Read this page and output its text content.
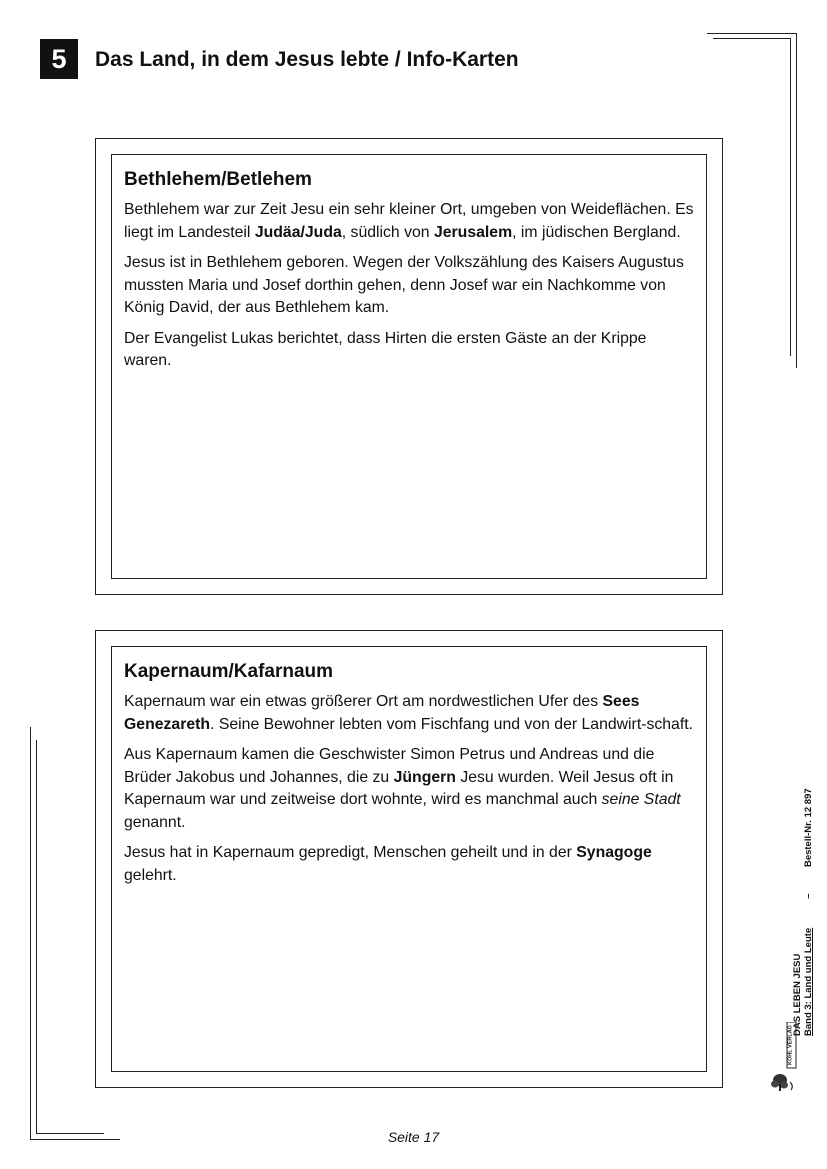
5	Das Land, in dem Jesus lebte / Info-Karten
Bethlehem/Betlehem

Bethlehem war zur Zeit Jesu ein sehr kleiner Ort, umgeben von Weideflächen. Es liegt im Landesteil Judäa/Juda, südlich von Jerusalem, im jüdischen Bergland.

Jesus ist in Bethlehem geboren. Wegen der Volkszählung des Kaisers Augustus mussten Maria und Josef dorthin gehen, denn Josef war ein Nachkomme von König David, der aus Bethlehem kam.

Der Evangelist Lukas berichtet, dass Hirten die ersten Gäste an der Krippe waren.

Kapernaum/Kafarnaum

Kapernaum war ein etwas größerer Ort am nordwestlichen Ufer des Sees Genezareth. Seine Bewohner lebten vom Fischfang und von der Landwirt-schaft.

Aus Kapernaum kamen die Geschwister Simon Petrus und Andreas und die Brüder Jakobus und Johannes, die zu Jüngern Jesu wurden. Weil Jesus oft in Kapernaum war und zeitweise dort wohnte, wird es manchmal auch seine Stadt genannt.

Jesus hat in Kapernaum gepredigt, Menschen geheilt und in der Synagoge gelehrt.

DAS LEBEN JESU Band 3: Land und Leute           –          Bestell-Nr. 12 897
KOHL VERLAG
Seite 17
